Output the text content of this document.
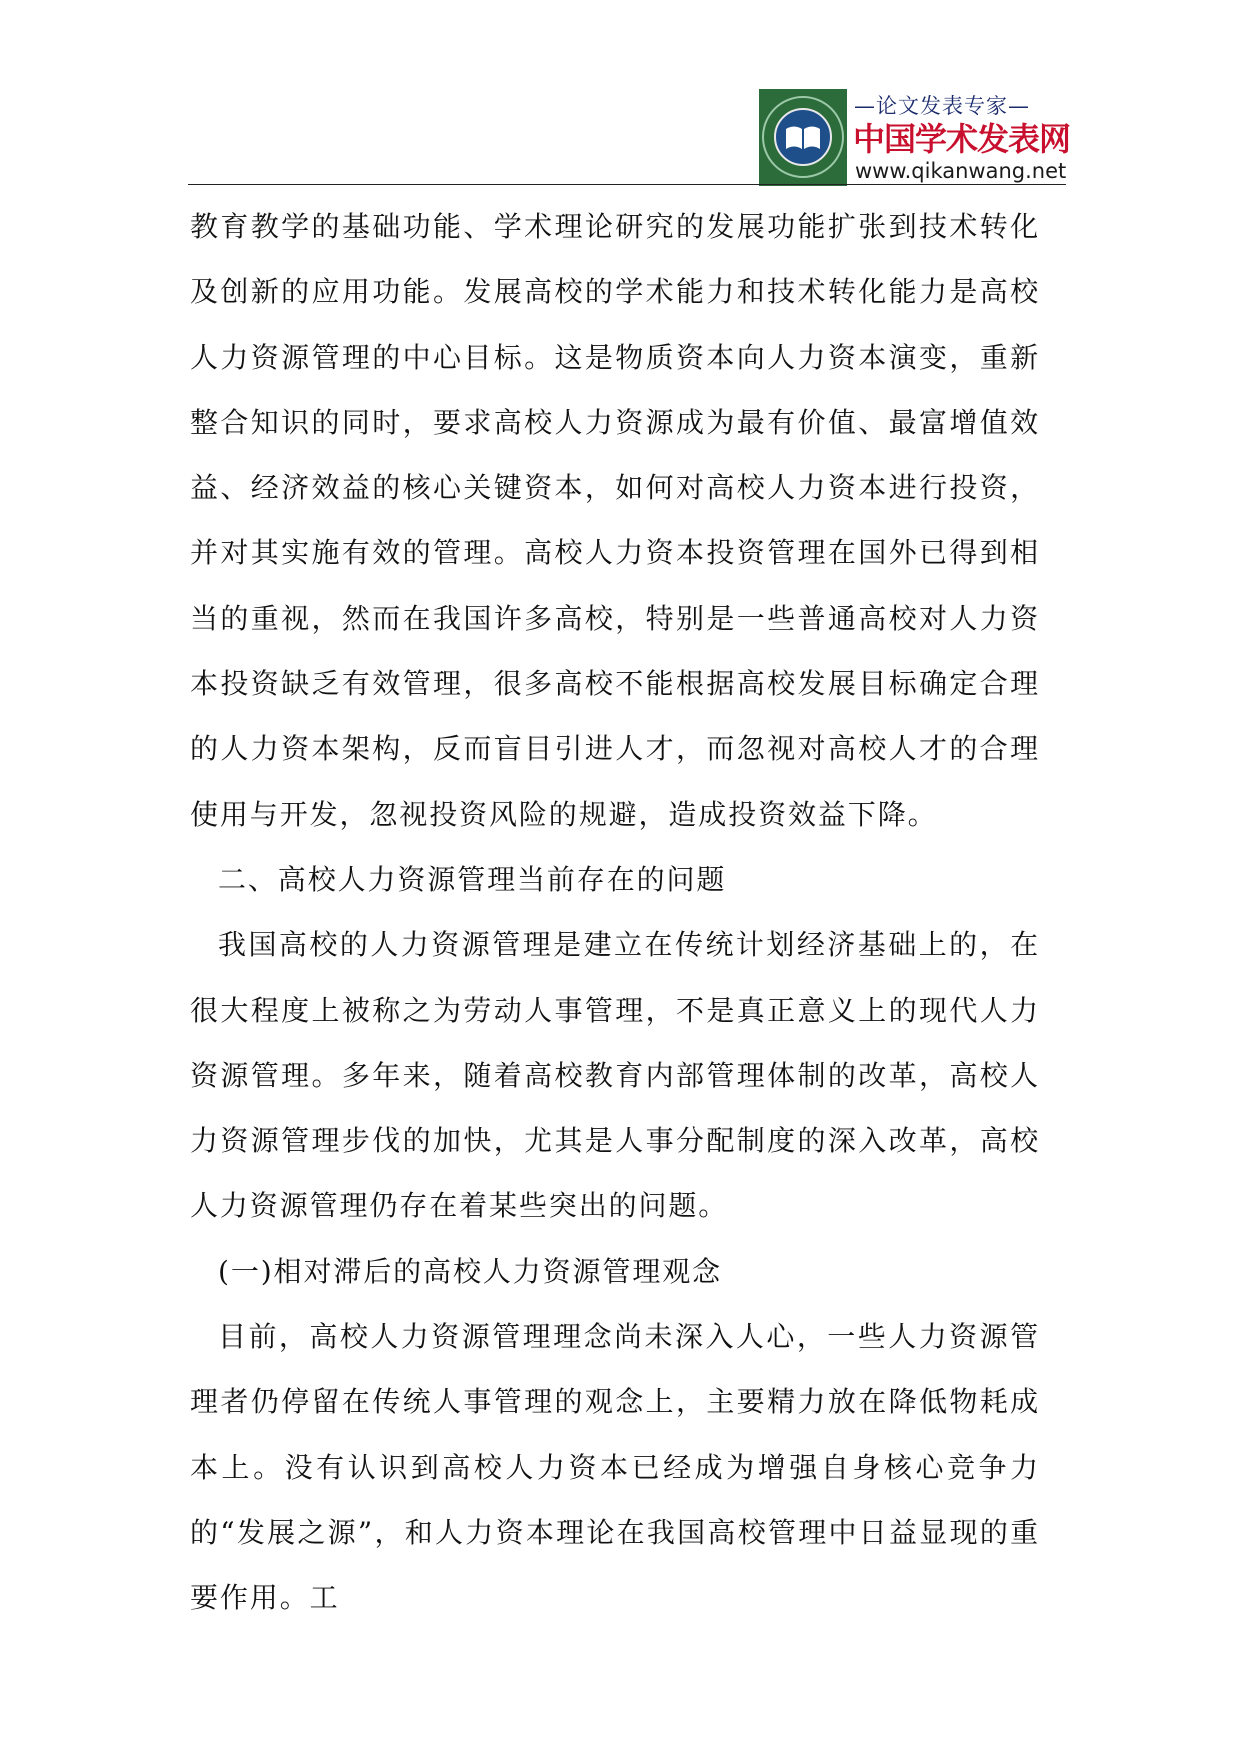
—论文发表专家—
中国学术发表网
www.qikanwang.net

教育教学的基础功能、学术理论研究的发展功能扩张到技术转化及创新的应用功能。发展高校的学术能力和技术转化能力是高校人力资源管理的中心目标。这是物质资本向人力资本演变，重新整合知识的同时，要求高校人力资源成为最有价值、最富增值效益、经济效益的核心关键资本，如何对高校人力资本进行投资，并对其实施有效的管理。高校人力资本投资管理在国外已得到相当的重视，然而在我国许多高校，特别是一些普通高校对人力资本投资缺乏有效管理，很多高校不能根据高校发展目标确定合理的人力资本架构，反而盲目引进人才，而忽视对高校人才的合理使用与开发，忽视投资风险的规避，造成投资效益下降。

二、高校人力资源管理当前存在的问题

我国高校的人力资源管理是建立在传统计划经济基础上的，在很大程度上被称之为劳动人事管理，不是真正意义上的现代人力资源管理。多年来，随着高校教育内部管理体制的改革，高校人力资源管理步伐的加快，尤其是人事分配制度的深入改革，高校人力资源管理仍存在着某些突出的问题。

(一)相对滞后的高校人力资源管理观念

目前，高校人力资源管理理念尚未深入人心，一些人力资源管理者仍停留在传统人事管理的观念上，主要精力放在降低物耗成本上。没有认识到高校人力资本已经成为增强自身核心竞争力的“发展之源”，和人力资本理论在我国高校管理中日益显现的重要作用。工
